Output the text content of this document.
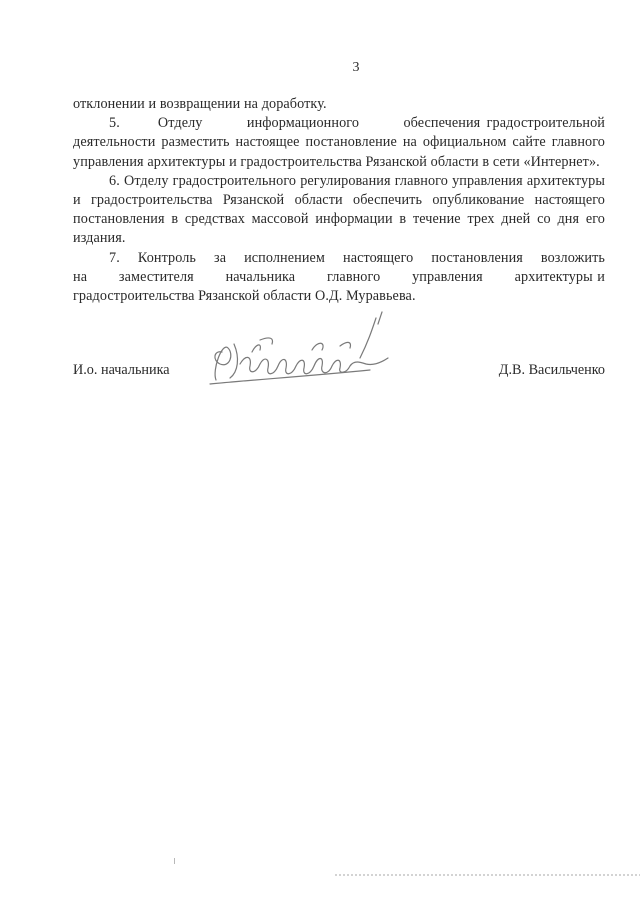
3

отклонении и возвращении на доработку.

5.      Отделу       информационного       обеспечения градостроительной деятельности разместить настоящее постановление на официальном сайте главного управления архитектуры и градостроительства Рязанской области в сети «Интернет».

6. Отделу градостроительного регулирования главного управления архитектуры и градостроительства Рязанской области обеспечить опубликование настоящего постановления в средствах массовой информации в течение трех дней со дня его издания.

7. Контроль за исполнением настоящего постановления возложить на       заместителя       начальника       главного       управления       архитектуры и градостроительства Рязанской области О.Д. Муравьева.

И.о. начальника	Д.В. Васильченко
